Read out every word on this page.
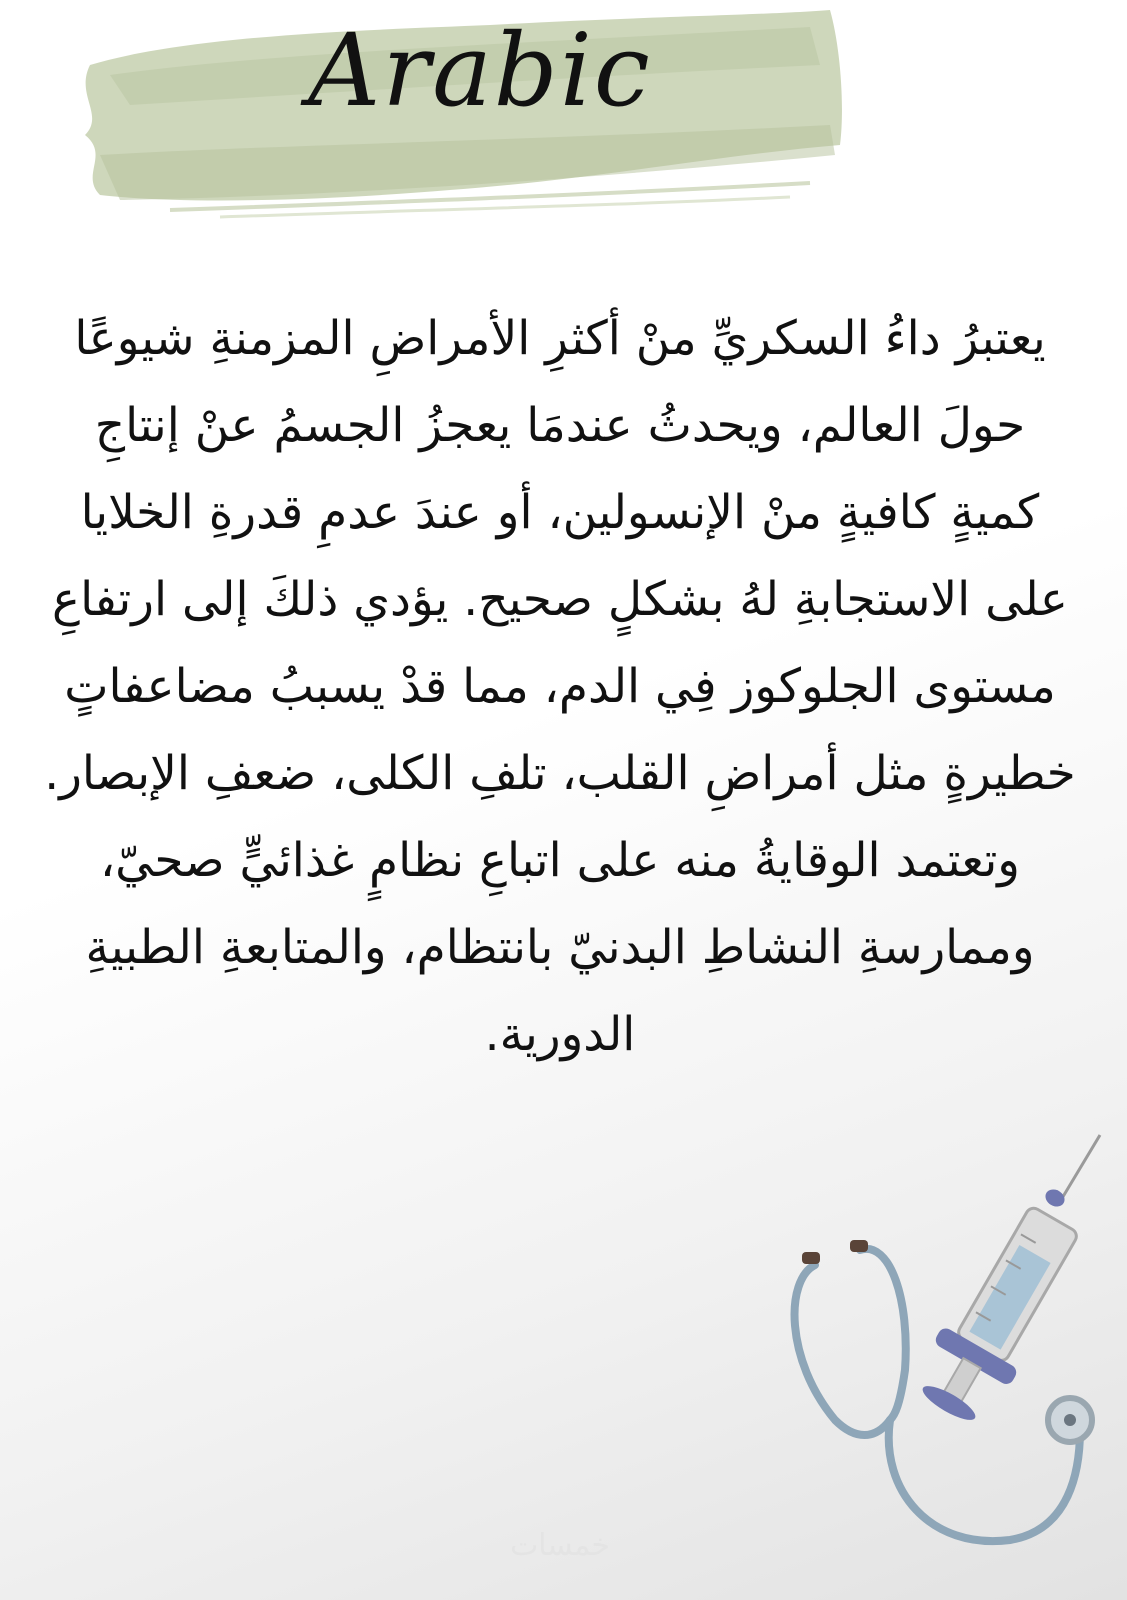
Arabic
يعتبرُ داءُ السكريِّ منْ أكثرِ الأمراضِ المزمنةِ شيوعًا
حولَ العالم، ويحدثُ عندمَا يعجزُ الجسمُ عنْ إنتاجِ
كميةٍ كافيةٍ منْ الإنسولين، أو عندَ عدمِ قدرةِ الخلايا
على الاستجابةِ لهُ بشكلٍ صحيح. يؤدي ذلكَ إلى ارتفاعِ
مستوى الجلوكوز فِي الدم، مما قدْ يسببُ مضاعفاتٍ
خطيرةٍ مثل أمراضِ القلب، تلفِ الكلى، ضعفِ الإبصار.
وتعتمد الوقايةُ منه على اتباعِ نظامٍ غذائيٍّ صحيّ،
وممارسةِ النشاطِ البدنيّ بانتظام، والمتابعةِ الطبيةِ
الدورية.
خمسات
